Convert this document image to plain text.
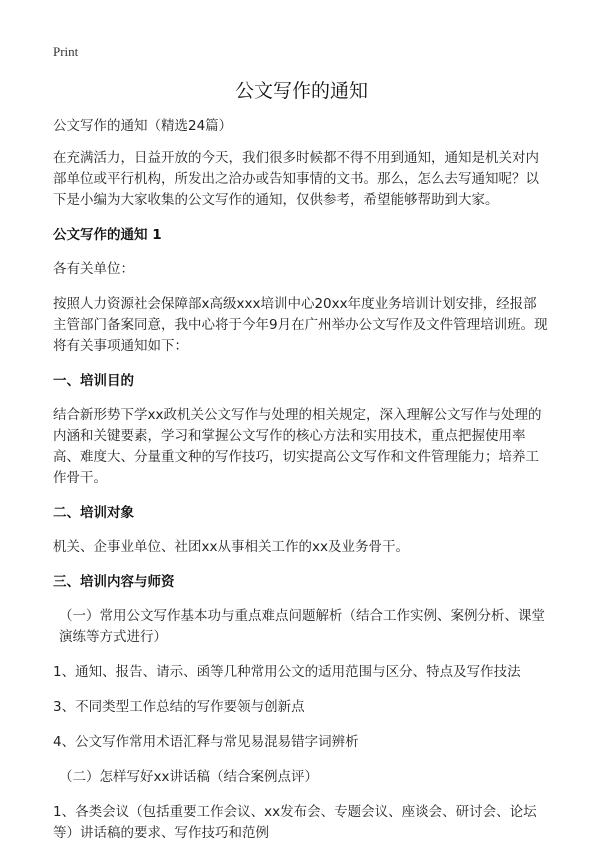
Print
公文写作的通知

公文写作的通知（精选24篇）

在充满活力，日益开放的今天，我们很多时候都不得不用到通知，通知是机关对内部单位或平行机构，所发出之洽办或告知事情的文书。那么，怎么去写通知呢？以下是小编为大家收集的公文写作的通知，仅供参考，希望能够帮助到大家。

公文写作的通知 1

各有关单位：

按照人力资源社会保障部x高级xxx培训中心20xx年度业务培训计划安排，经报部主管部门备案同意，我中心将于今年9月在广州举办公文写作及文件管理培训班。现将有关事项通知如下：

一、培训目的

结合新形势下学xx政机关公文写作与处理的相关规定，深入理解公文写作与处理的内涵和关键要素，学习和掌握公文写作的核心方法和实用技术，重点把握使用率高、难度大、分量重文种的写作技巧，切实提高公文写作和文件管理能力；培养工作骨干。

二、培训对象

机关、企事业单位、社团xx从事相关工作的xx及业务骨干。

三、培训内容与师资

（一）常用公文写作基本功与重点难点问题解析（结合工作实例、案例分析、课堂演练等方式进行）

1、通知、报告、请示、函等几种常用公文的适用范围与区分、特点及写作技法

3、不同类型工作总结的写作要领与创新点

4、公文写作常用术语汇释与常见易混易错字词辨析

（二）怎样写好xx讲话稿（结合案例点评）

1、各类会议（包括重要工作会议、xx发布会、专题会议、座谈会、研讨会、论坛等）讲话稿的要求、写作技巧和范例
